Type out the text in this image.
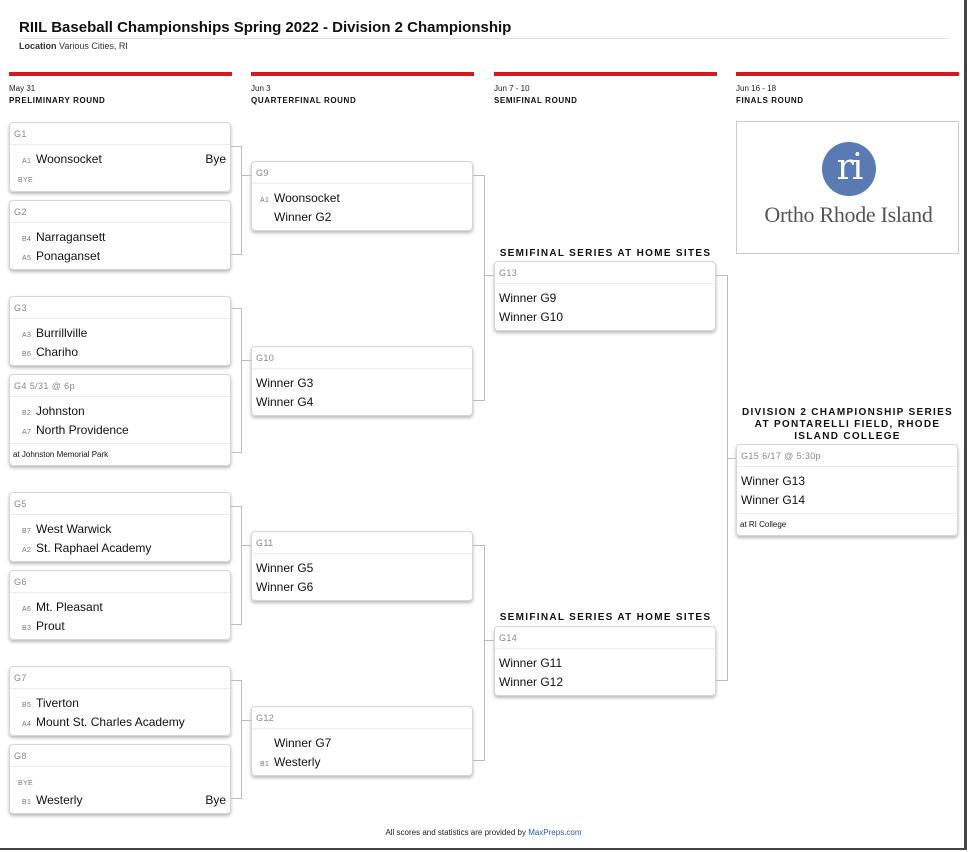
RIIL Baseball Championships Spring 2022 - Division 2 Championship
Location Various Cities, RI
May 31
PRELIMINARY ROUND
Jun 3
QUARTERFINAL ROUND
Jun 7 - 10
SEMIFINAL ROUND
Jun 16 - 18
FINALS ROUND
G1
A1 Woonsocket	Bye
BYE
G2
B4 Narragansett
A5 Ponaganset
G3
A3 Burrillville
B6 Chariho
G4 5/31 @ 6p
B2 Johnston
A7 North Providence
at Johnston Memorial Park
G5
B7 West Warwick
A2 St. Raphael Academy
G6
A6 Mt. Pleasant
B3 Prout
G7
B5 Tiverton
A4 Mount St. Charles Academy
G8
BYE
B1 Westerly	Bye
G9
A1 Woonsocket
Winner G2
G10
Winner G3
Winner G4
G11
Winner G5
Winner G6
G12
Winner G7
B1 Westerly
SEMIFINAL SERIES AT HOME SITES
G13
Winner G9
Winner G10
SEMIFINAL SERIES AT HOME SITES
G14
Winner G11
Winner G12
ri
Ortho Rhode Island
DIVISION 2 CHAMPIONSHIP SERIES AT PONTARELLI FIELD, RHODE ISLAND COLLEGE
G15 6/17 @ 5:30p
Winner G13
Winner G14
at RI College
All scores and statistics are provided by MaxPreps.com
